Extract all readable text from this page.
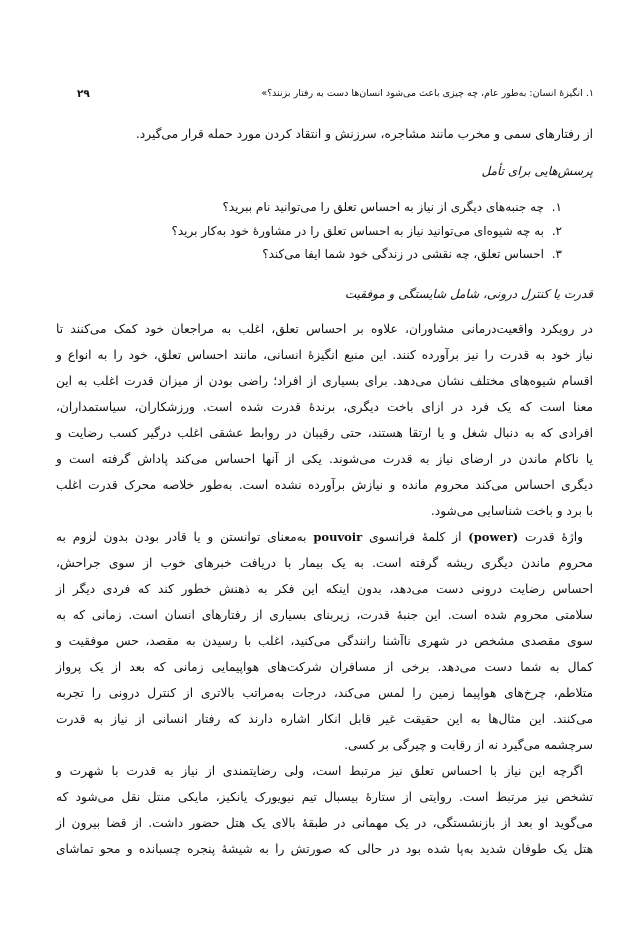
۱. انگیزهٔ انسان: به‌طور عام، چه چیزی باعث می‌شود انسان‌ها دست به رفتار بزنند؟»
۲۹
از رفتارهای سمی و مخرب مانند مشاجره، سرزنش و انتقاد کردن مورد حمله قرار می‌گیرد.
پرسش‌هایی برای تأمل
۱.
چه جنبه‌های دیگری از نیاز به احساس تعلق را می‌توانید نام ببرید؟
۲.
به چه شیوه‌ای می‌توانید نیاز به احساس تعلق را در مشاورهٔ خود به‌کار برید؟
۳.
احساس تعلق، چه نقشی در زندگی خود شما ایفا می‌کند؟
قدرت یا کنترل درونی، شامل شایستگی و موفقیت
در رویکرد واقعیت‌درمانی مشاوران، علاوه بر احساس تعلق، اغلب به مراجعان خود کمک می‌کنند تا
نیاز خود به قدرت را نیز برآورده کنند. این منبع انگیزهٔ انسانی، مانند احساس تعلق، خود را به انواع و
اقسام شیوه‌های مختلف نشان می‌دهد. برای بسیاری از افراد؛ راضی بودن از میزان قدرت اغلب به این
معنا است که یک فرد در ازای باخت دیگری، برندهٔ قدرت شده است. ورزشکاران، سیاستمداران،
افرادی که به دنبال شغل و یا ارتقا هستند، حتی رقیبان در روابط عشقی اغلب درگیر کسب رضایت و
یا ناکام ماندن در ارضای نیاز به قدرت می‌شوند. یکی از آنها احساس می‌کند پاداش گرفته است و
دیگری احساس می‌کند محروم مانده و نیازش برآورده نشده است. به‌طور خلاصه محرک قدرت اغلب
با برد و باخت شناسایی می‌شود.
واژهٔ قدرت (power) از کلمهٔ فرانسوی pouvoir به‌معنای توانستن و یا قادر بودن بدون لزوم به
محروم ماندن دیگری ریشه گرفته است. به یک بیمار با دریافت خبرهای خوب از سوی جراحش،
احساس رضایت درونی دست می‌دهد، بدون اینکه این فکر به ذهنش خطور کند که فردی دیگر از
سلامتی محروم شده است. این جنبهٔ قدرت، زیربنای بسیاری از رفتارهای انسان است. زمانی که به
سوی مقصدی مشخص در شهری ناآشنا رانندگی می‌کنید، اغلب با رسیدن به مقصد، حس موفقیت و
کمال به شما دست می‌دهد. برخی از مسافران شرکت‌های هواپیمایی زمانی که بعد از یک پرواز
متلاطم، چرخ‌های هواپیما زمین را لمس می‌کند، درجات به‌مراتب بالاتری از کنترل درونی را تجربه
می‌کنند. این مثال‌ها به این حقیقت غیر قابل انکار اشاره دارند که رفتار انسانی از نیاز به قدرت
سرچشمه می‌گیرد نه از رقابت و چیرگی بر کسی.
اگرچه این نیاز با احساس تعلق نیز مرتبط است، ولی رضایتمندی از نیاز به قدرت با شهرت و
تشخص نیز مرتبط است. روایتی از ستارهٔ بیسبال تیم نیویورک یانکیز، مایکی منتل نقل می‌شود که
می‌گوید او بعد از بازنشستگی، در یک مهمانی در طبقهٔ بالای یک هتل حضور داشت. از قضا بیرون از
هتل یک طوفان شدید به‌پا شده بود در حالی که صورتش را به شیشهٔ پنجره چسبانده و محو تماشای
